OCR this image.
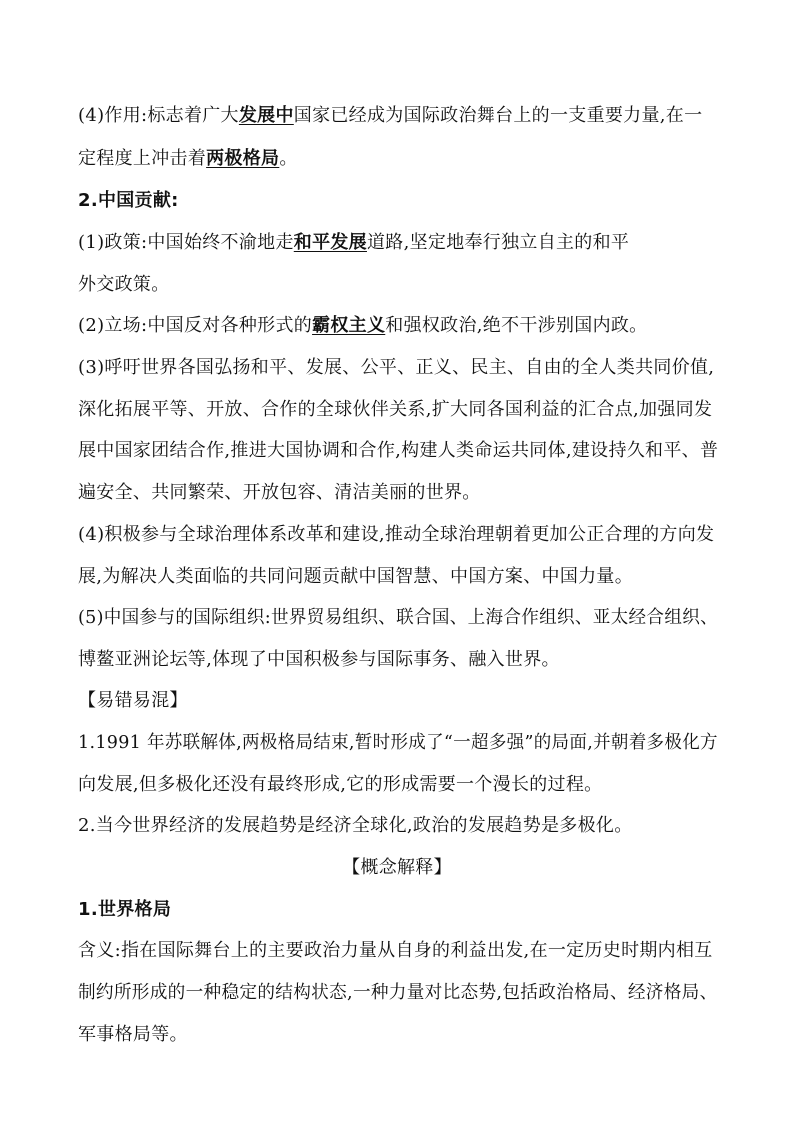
(4)作用:标志着广大发展中国家已经成为国际政治舞台上的一支重要力量,在一
定程度上冲击着两极格局。
2.中国贡献:
(1)政策:中国始终不渝地走和平发展道路,坚定地奉行独立自主的和平
外交政策。
(2)立场:中国反对各种形式的霸权主义和强权政治,绝不干涉别国内政。
(3)呼吁世界各国弘扬和平、发展、公平、正义、民主、自由的全人类共同价值,
深化拓展平等、开放、合作的全球伙伴关系,扩大同各国利益的汇合点,加强同发
展中国家团结合作,推进大国协调和合作,构建人类命运共同体,建设持久和平、普
遍安全、共同繁荣、开放包容、清洁美丽的世界。
(4)积极参与全球治理体系改革和建设,推动全球治理朝着更加公正合理的方向发
展,为解决人类面临的共同问题贡献中国智慧、中国方案、中国力量。
(5)中国参与的国际组织:世界贸易组织、联合国、上海合作组织、亚太经合组织、
博鳌亚洲论坛等,体现了中国积极参与国际事务、融入世界。
【易错易混】
1.1991 年苏联解体,两极格局结束,暂时形成了“一超多强”的局面,并朝着多极化方
向发展,但多极化还没有最终形成,它的形成需要一个漫长的过程。
2.当今世界经济的发展趋势是经济全球化,政治的发展趋势是多极化。
【概念解释】
1.世界格局
含义:指在国际舞台上的主要政治力量从自身的利益出发,在一定历史时期内相互
制约所形成的一种稳定的结构状态,一种力量对比态势,包括政治格局、经济格局、
军事格局等。
